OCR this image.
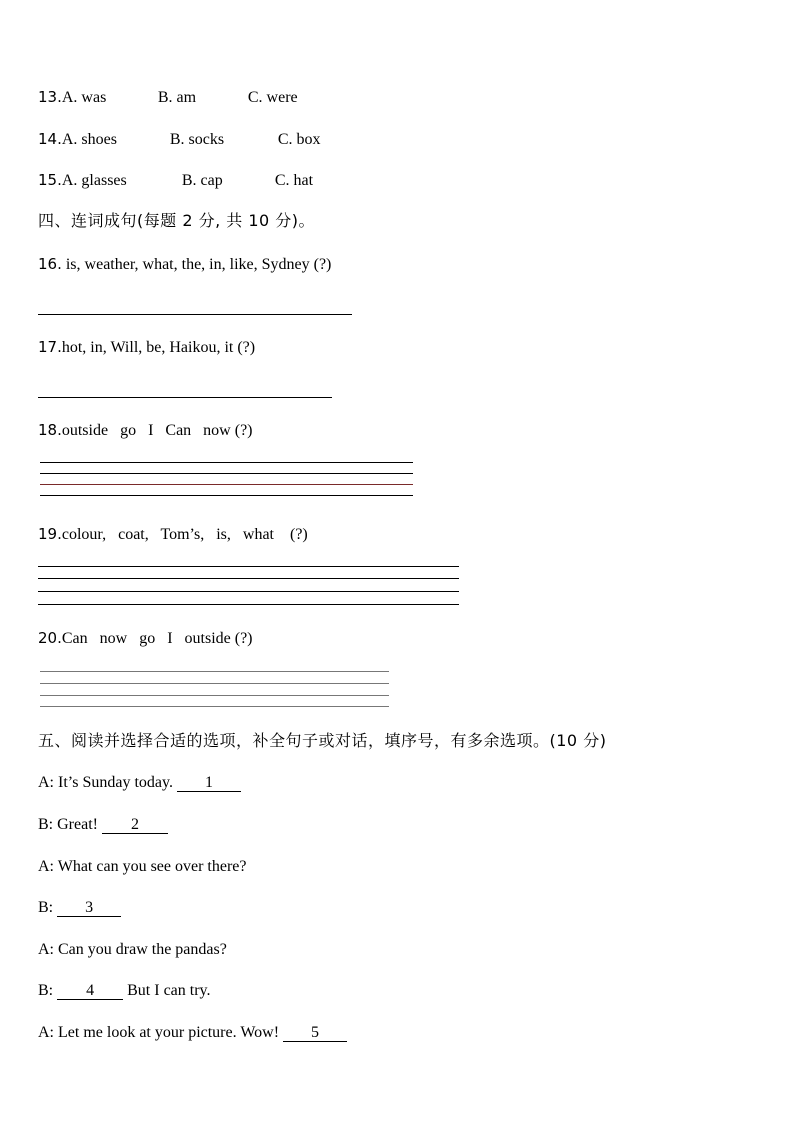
13.A. was	B. am	C. were
14.A. shoes	B. socks	C. box
15.A. glasses	B. cap	C. hat
四、连词成句(每题 2 分, 共 10 分)。
16. is, weather, what, the, in, like, Sydney (?)
17.hot, in, Will, be, Haikou, it (?)
18.outside   go   I   Can   now (?)
19.colour,   coat,   Tom’s,   is,   what    (?)
20.Can   now   go   I   outside (?)
五、阅读并选择合适的选项，补全句子或对话，填序号，有多余选项。(10 分)
A: It’s Sunday today. 1
B: Great! 2
A: What can you see over there?
B: 3
A: Can you draw the pandas?
B: 4 But I can try.
A: Let me look at your picture. Wow! 5
